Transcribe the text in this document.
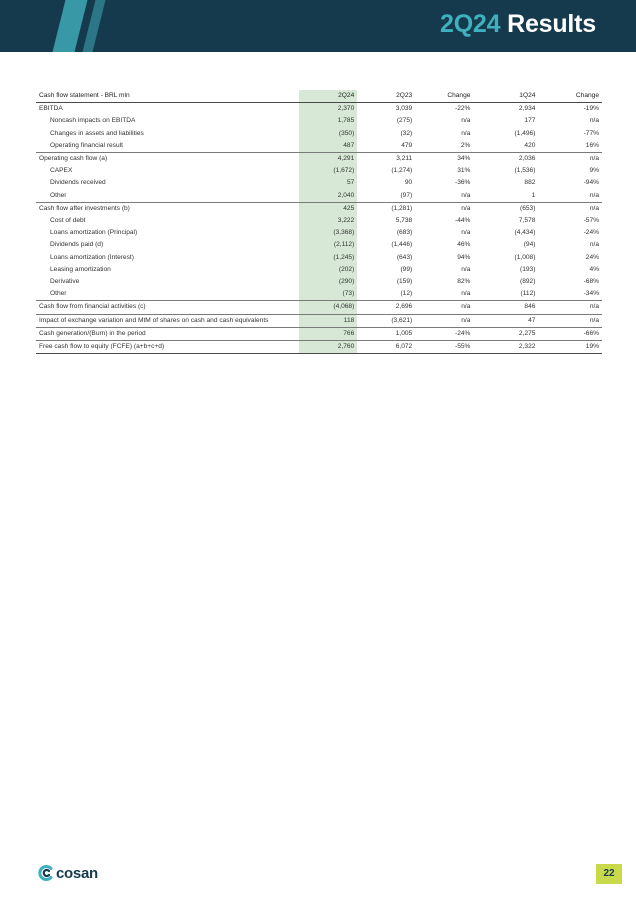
2Q24 Results
Cash flow statement - BRL mln	2Q24	2Q23	Change	1Q24	Change
EBITDA	2,370	3,039	-22%	2,934	-19%
Noncash impacts on EBITDA	1,785	(275)	n/a	177	n/a
Changes in assets and liabilities	(350)	(32)	n/a	(1,496)	-77%
Operating financial result	487	479	2%	420	16%
Operating cash flow (a)	4,291	3,211	34%	2,036	n/a
CAPEX	(1,672)	(1,274)	31%	(1,536)	9%
Dividends received	57	90	-36%	882	-94%
Other	2,040	(97)	n/a	1	n/a
Cash flow after investments (b)	425	(1,281)	n/a	(653)	n/a
Cost of debt	3,222	5,738	-44%	7,578	-57%
Loans amortization (Principal)	(3,368)	(683)	n/a	(4,434)	-24%
Dividends paid (d)	(2,112)	(1,446)	46%	(94)	n/a
Loans amortization (Interest)	(1,245)	(643)	94%	(1,008)	24%
Leasing amortization	(202)	(99)	n/a	(193)	4%
Derivative	(290)	(159)	82%	(892)	-68%
Other	(73)	(12)	n/a	(112)	-34%
Cash flow from financial activities (c)	(4,068)	2,696	n/a	846	n/a
Impact of exchange variation and MtM of shares on cash and cash equivalents	118	(3,621)	n/a	47	n/a
Cash generation/(Burn) in the period	766	1,005	-24%	2,275	-66%
Free cash flow to equity (FCFE) (a+b+c+d)	2,760	6,072	-55%	2,322	19%
cosan	22
